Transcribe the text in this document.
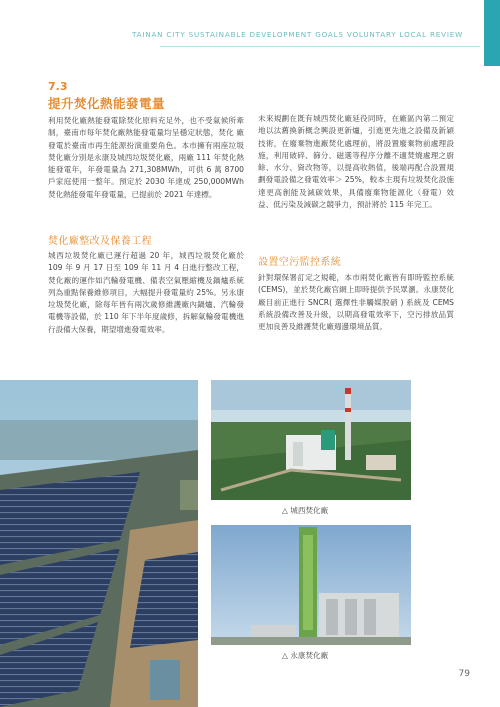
TAINAN CITY SUSTAINABLE DEVELOPMENT GOALS VOLUNTARY LOCAL REVIEW
7.3
提升焚化熱能發電量
利用焚化廠熱能發電除焚化原料充足外，也不受氣候所牽制，臺南市每年焚化廠熱能發電量均呈穩定狀態，焚化 廠發電於臺南市再生能源扮演重要角色。本市擁有兩座垃圾焚化廠分別是永康及城西垃圾焚化廠，兩廠 111 年焚化熱能發電年，年發電量為 271,308MWh，可供 6 萬 8700 戶家庭使用一整年。預定於 2030 年達成 250,000MWh 焚化熱能發電年發電量，已提前於 2021 年達標。
焚化廠整改及保養工程
城西垃圾焚化廠已運行超過 20 年，城西垃圾焚化廠於 109 年 9 月 17 日至 109 年 11 月 4 日進行整改工程，焚化廠的運作如汽輪發電機、備表空氣壓縮機及鍋爐系統列為重點保養維修項目，大幅提升發電量約 25%。另永康垃圾焚化廠，除每年皆有兩次歲修維護廠內鍋爐、汽輪發電機等設備，於 110 年下半年度歲修，拆解氣輪發電機進行設備大保養，期望增進發電效率。
未來規劃在既有城西焚化廠延役同時，在廠區內第二預定地以汰舊換新概念興設更新爐，引進更先進之設備及新穎技術，在廢棄物進廠焚化處理前，將設置廢棄物前處理設施，利用破碎、篩分、磁選等程序分離不適焚燒處理之廚餘、水分、資改物等，以提高收熱值，後端再配合設置規劃發電設備之發電效率＞ 25%，較本主現有垃圾焚化設施達更高創能及減碳效果，具備廢棄物能源化（發電）效益、低污染及減碳之競爭力，預計將於 115 年完工。
設置空污監控系統
針對環保署訂定之規範，本市兩焚化廠皆有即時監控系統 (CEMS)，並於焚化廠官網上即時提供予民眾瀏。永康焚化廠目前正進行 SNCR( 選擇性非觸媒脫硝 ) 系統及 CEMS 系統設備改善及升級，以期高發電效率下，空污排放品質更加良善及維護焚化廠週邊環境品質。
△ 城西焚化廠
△ 永康焚化廠
79
